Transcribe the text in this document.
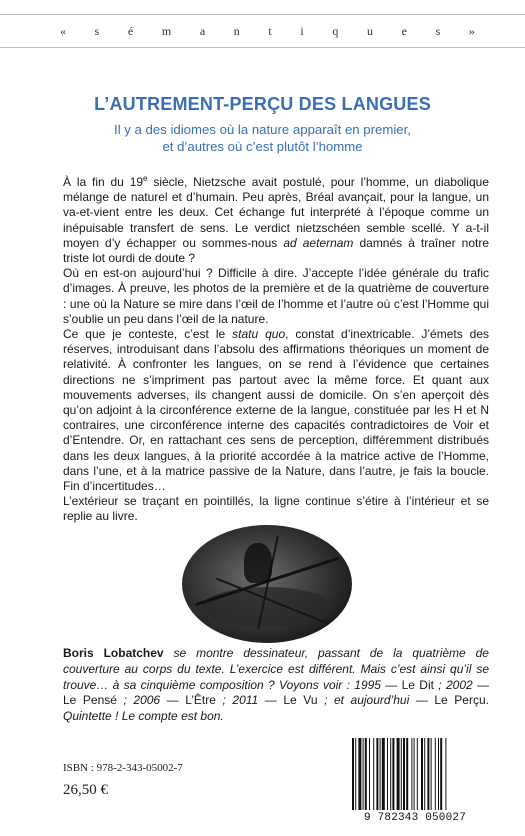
« s é m a n t i q u e s »
L’AUTREMENT-PERÇU DES LANGUES
Il y a des idiomes où la nature apparaît en premier,
et d’autres où c’est plutôt l’homme

À la fin du 19e siècle, Nietzsche avait postulé, pour l’homme, un diabolique mélange de naturel et d’humain. Peu après, Bréal avançait, pour la langue, un va-et-vient entre les deux. Cet échange fut interprété à l’époque comme un inépuisable transfert de sens. Le verdict nietzschéen semble scellé. Y a-t-il moyen d’y échapper ou sommes-nous ad aeternam damnés à traîner notre triste lot ourdi de doute ?

Où en est-on aujourd’hui ? Difficile à dire. J’accepte l’idée générale du trafic d’images. À preuve, les photos de la première et de la quatrième de couverture : une où la Nature se mire dans l’œil de l’homme et l’autre où c’est l’Homme qui s’oublie un peu dans l’œil de la nature.

Ce que je conteste, c’est le statu quo, constat d’inextricable. J’émets des réserves, introduisant dans l’absolu des affirmations théoriques un moment de relativité. À confronter les langues, on se rend à l’évidence que certaines directions ne s’impriment pas partout avec la même force. Et quant aux mouvements adverses, ils changent aussi de domicile. On s’en aperçoit dès qu’on adjoint à la circonférence externe de la langue, constituée par les H et N contraires, une circonférence interne des capacités contradictoires de Voir et d’Entendre. Or, en rattachant ces sens de perception, différemment distribués dans les deux langues, à la priorité accordée à la matrice active de l’Homme, dans l’une, et à la matrice passive de la Nature, dans l’autre, je fais la boucle. Fin d’incertitudes…

L’extérieur se traçant en pointillés, la ligne continue s’étire à l’intérieur et se replie au livre.

Boris Lobatchev se montre dessinateur, passant de la quatrième de couverture au corps du texte. L’exercice est différent. Mais c’est ainsi qu’il se trouve… à sa cinquième composition ? Voyons voir : 1995 — Le Dit ; 2002 — Le Pensé ; 2006 — L’Être ; 2011 — Le Vu ; et aujourd’hui — Le Perçu. Quintette ! Le compte est bon.

ISBN : 978-2-343-05002-7
26,50 €
9 782343 050027
